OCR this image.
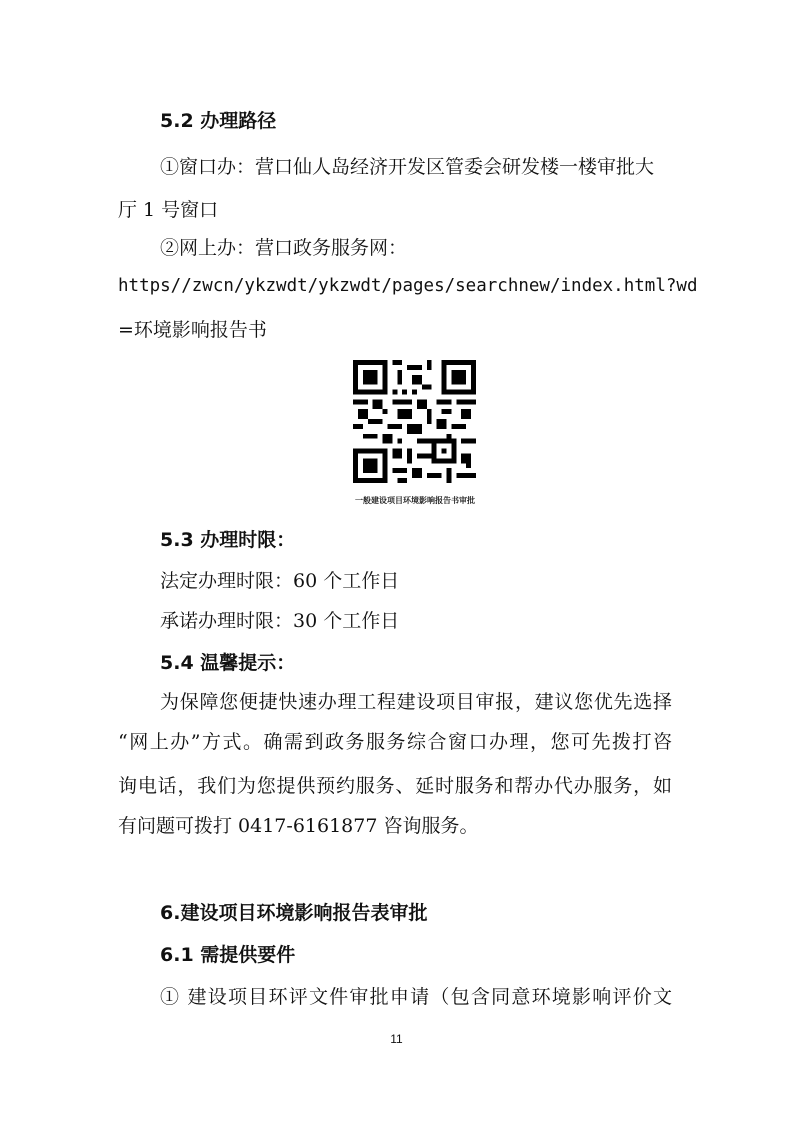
5.2 办理路径
①窗口办：营口仙人岛经济开发区管委会研发楼一楼审批大
厅 1 号窗口
②网上办：营口政务服务网：
https//zwcn/ykzwdt/ykzwdt/pages/searchnew/index.html?wd
=环境影响报告书
一般建设项目环境影响报告书审批
5.3 办理时限：
法定办理时限：60 个工作日
承诺办理时限：30 个工作日
5.4 温馨提示：
为保障您便捷快速办理工程建设项目审报，建议您优先选择
“网上办”方式。确需到政务服务综合窗口办理，您可先拨打咨
询电话，我们为您提供预约服务、延时服务和帮办代办服务，如
有问题可拨打 0417-6161877 咨询服务。
6.建设项目环境影响报告表审批
6.1 需提供要件
① 建设项目环评文件审批申请（包含同意环境影响评价文
11
